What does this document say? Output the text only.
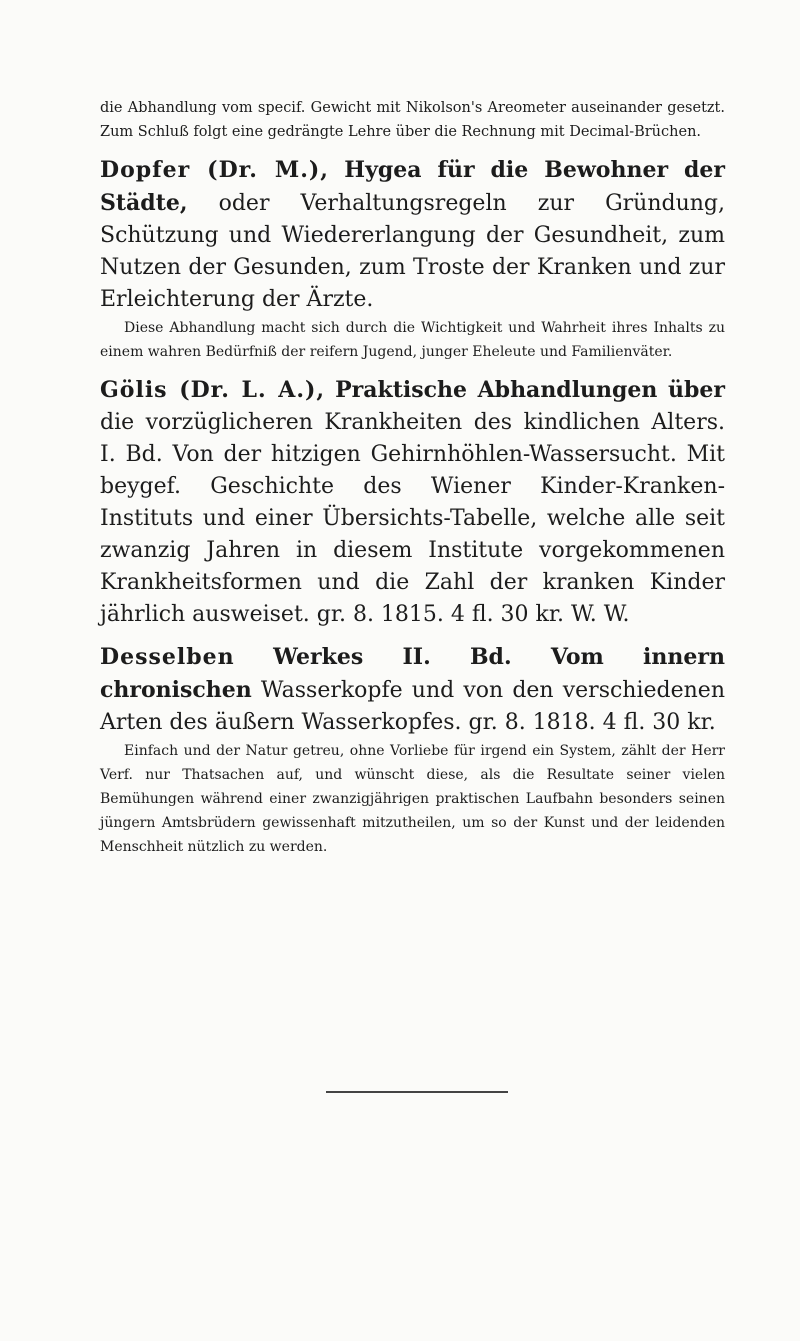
die Abhandlung vom specif. Gewicht mit Nikolson's Areometer auseinander gesetzt. Zum Schluß folgt eine gedrängte Lehre über die Rechnung mit Decimal-Brüchen.

Dopfer (Dr. M.), Hygea für die Bewohner der Städte, oder Verhaltungsregeln zur Gründung, Schützung und Wiedererlangung der Gesundheit, zum Nutzen der Gesunden, zum Troste der Kranken und zur Erleichterung der Ärzte.

Diese Abhandlung macht sich durch die Wichtigkeit und Wahrheit ihres Inhalts zu einem wahren Bedürfniß der reifern Jugend, junger Eheleute und Familienväter.

Gölis (Dr. L. A.), Praktische Abhandlungen über die vorzüglicheren Krankheiten des kindlichen Alters. I. Bd. Von der hitzigen Gehirnhöhlen-Wassersucht. Mit beygef. Geschichte des Wiener Kinder-Kranken-Instituts und einer Übersichts-Tabelle, welche alle seit zwanzig Jahren in diesem Institute vorgekommenen Krankheitsformen und die Zahl der kranken Kinder jährlich ausweiset. gr. 8. 1815. 4 fl. 30 kr. W. W.

Desselben Werkes II. Bd. Vom innern chronischen Wasserkopfe und von den verschiedenen Arten des äußern Wasserkopfes. gr. 8. 1818. 4 fl. 30 kr.

Einfach und der Natur getreu, ohne Vorliebe für irgend ein System, zählt der Herr Verf. nur Thatsachen auf, und wünscht diese, als die Resultate seiner vielen Bemühungen während einer zwanzigjährigen praktischen Laufbahn besonders seinen jüngern Amtsbrüdern gewissenhaft mitzutheilen, um so der Kunst und der leidenden Menschheit nützlich zu werden.
